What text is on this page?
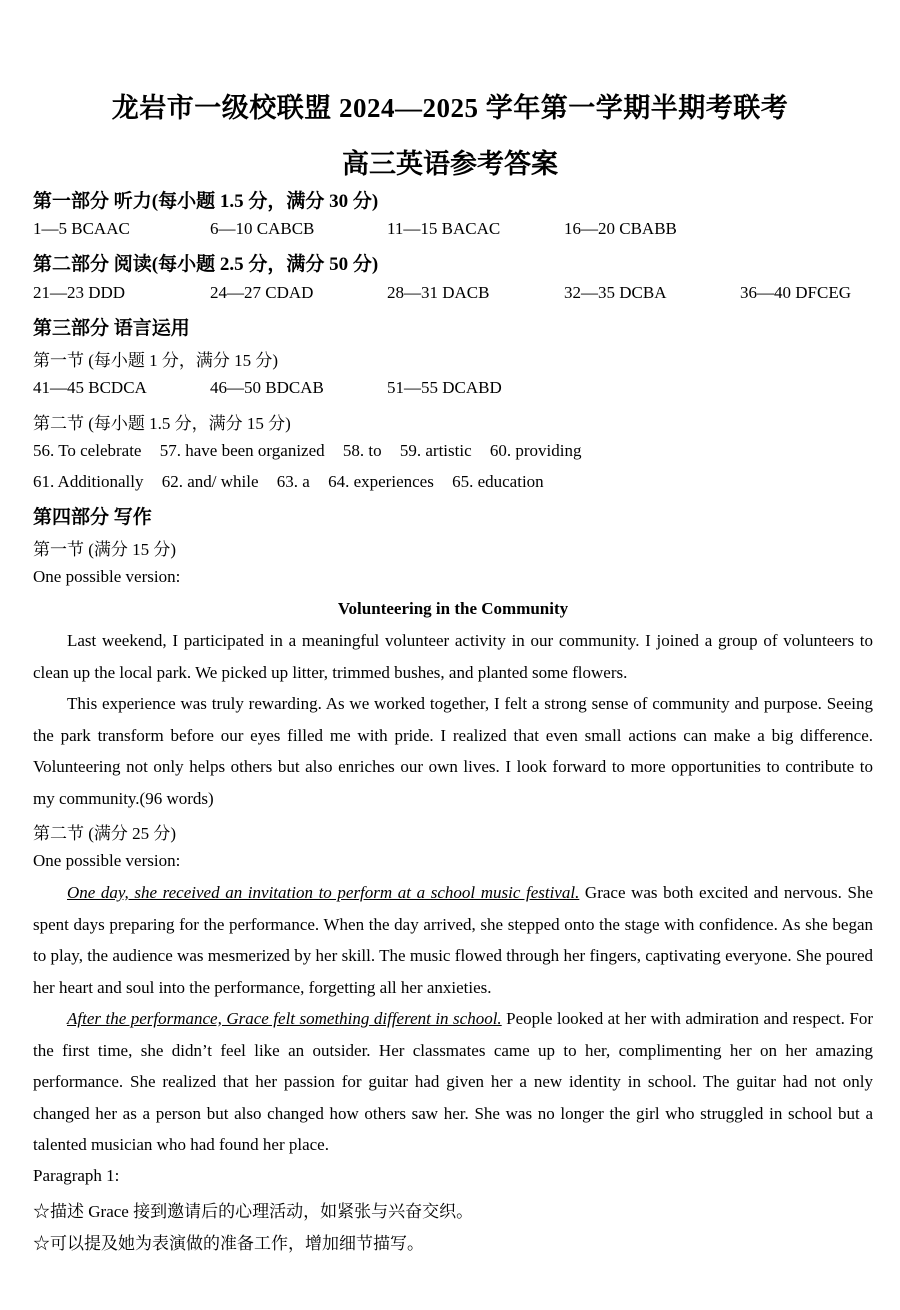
龙岩市一级校联盟 2024—2025 学年第一学期半期考联考
高三英语参考答案
第一部分 听力(每小题 1.5 分，满分 30 分)
1—5 BCAAC	6—10 CABCB	11—15 BACAC	16—20 CBABB
第二部分 阅读(每小题 2.5 分，满分 50 分)
21—23 DDD	24—27 CDAD	28—31 DACB	32—35 DCBA	36—40 DFCEG
第三部分 语言运用
第一节 (每小题 1 分，满分 15 分)
41—45 BCDCA	46—50 BDCAB	51—55 DCABD
第二节 (每小题 1.5 分，满分 15 分)
56. To celebrate 57. have been organized 58. to 59. artistic 60. providing
61. Additionally 62. and/ while 63. a 64. experiences 65. education
第四部分 写作
第一节 (满分 15 分)
One possible version:
Volunteering in the Community
Last weekend, I participated in a meaningful volunteer activity in our community. I joined a group of volunteers to clean up the local park. We picked up litter, trimmed bushes, and planted some flowers.
This experience was truly rewarding. As we worked together, I felt a strong sense of community and purpose. Seeing the park transform before our eyes filled me with pride. I realized that even small actions can make a big difference. Volunteering not only helps others but also enriches our own lives. I look forward to more opportunities to contribute to my community.(96 words)
第二节 (满分 25 分)
One possible version:
One day, she received an invitation to perform at a school music festival. Grace was both excited and nervous. She spent days preparing for the performance. When the day arrived, she stepped onto the stage with confidence. As she began to play, the audience was mesmerized by her skill. The music flowed through her fingers, captivating everyone. She poured her heart and soul into the performance, forgetting all her anxieties.
After the performance, Grace felt something different in school. People looked at her with admiration and respect. For the first time, she didn’t feel like an outsider. Her classmates came up to her, complimenting her on her amazing performance. She realized that her passion for guitar had given her a new identity in school. The guitar had not only changed her as a person but also changed how others saw her. She was no longer the girl who struggled in school but a talented musician who had found her place.
Paragraph 1:
☆描述 Grace 接到邀请后的心理活动，如紧张与兴奋交织。
☆可以提及她为表演做的准备工作，增加细节描写。
